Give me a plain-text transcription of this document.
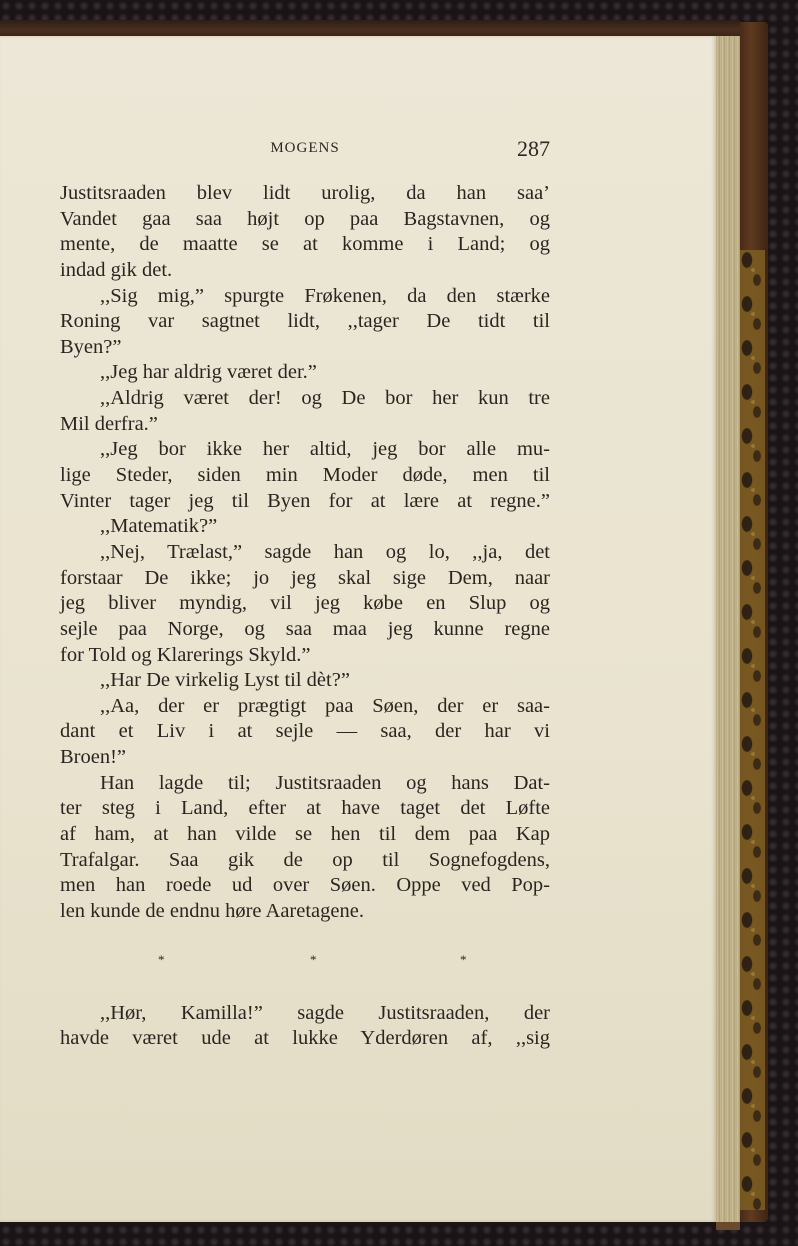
MOGENS	287
Justitsraaden blev lidt urolig, da han saa’
Vandet gaa saa højt op paa Bagstavnen, og
mente, de maatte se at komme i Land; og
indad gik det.
,,Sig mig,” spurgte Frøkenen, da den stærke
Roning var sagtnet lidt, ,,tager De tidt til
Byen?”
,,Jeg har aldrig været der.”
,,Aldrig været der! og De bor her kun tre
Mil derfra.”
,,Jeg bor ikke her altid, jeg bor alle mu-
lige Steder, siden min Moder døde, men til
Vinter tager jeg til Byen for at lære at regne.”
,,Matematik?”
,,Nej, Trælast,” sagde han og lo, ,,ja, det
forstaar De ikke; jo jeg skal sige Dem, naar
jeg bliver myndig, vil jeg købe en Slup og
sejle paa Norge, og saa maa jeg kunne regne
for Told og Klarerings Skyld.”
,,Har De virkelig Lyst til dèt?”
,,Aa, der er prægtigt paa Søen, der er saa-
dant et Liv i at sejle — saa, der har vi
Broen!”
Han lagde til; Justitsraaden og hans Dat-
ter steg i Land, efter at have taget det Løfte
af ham, at han vilde se hen til dem paa Kap
Trafalgar. Saa gik de op til Sognefogdens,
men han roede ud over Søen. Oppe ved Pop-
len kunde de endnu høre Aaretagene.
*	*	*
,,Hør, Kamilla!” sagde Justitsraaden, der
havde været ude at lukke Yderdøren af, ,,sig
